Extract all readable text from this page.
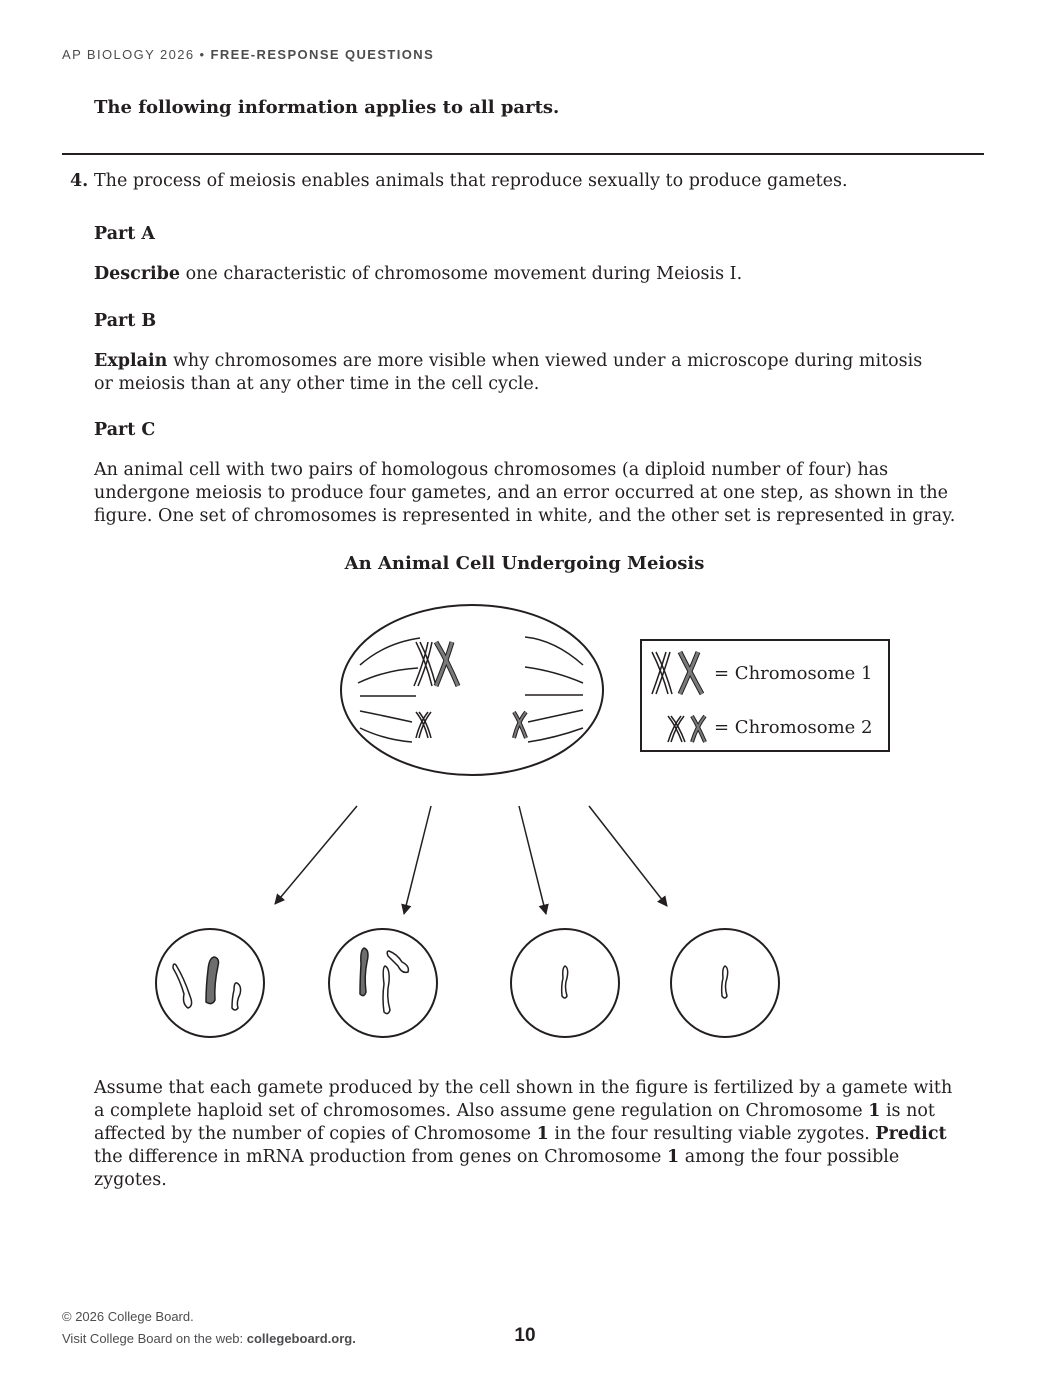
AP BIOLOGY 2026 • FREE-RESPONSE QUESTIONS
The following information applies to all parts.
4. The process of meiosis enables animals that reproduce sexually to produce gametes.
Part A
Describe one characteristic of chromosome movement during Meiosis I.
Part B
Explain why chromosomes are more visible when viewed under a microscope during mitosis
or meiosis than at any other time in the cell cycle.
Part C
An animal cell with two pairs of homologous chromosomes (a diploid number of four) has
undergone meiosis to produce four gametes, and an error occurred at one step, as shown in the
figure. One set of chromosomes is represented in white, and the other set is represented in gray.
An Animal Cell Undergoing Meiosis
= Chromosome 1
= Chromosome 2
Assume that each gamete produced by the cell shown in the figure is fertilized by a gamete with
a complete haploid set of chromosomes. Also assume gene regulation on Chromosome 1 is not
affected by the number of copies of Chromosome 1 in the four resulting viable zygotes. Predict
the difference in mRNA production from genes on Chromosome 1 among the four possible
zygotes.
© 2026 College Board.
Visit College Board on the web: collegeboard.org.	10
